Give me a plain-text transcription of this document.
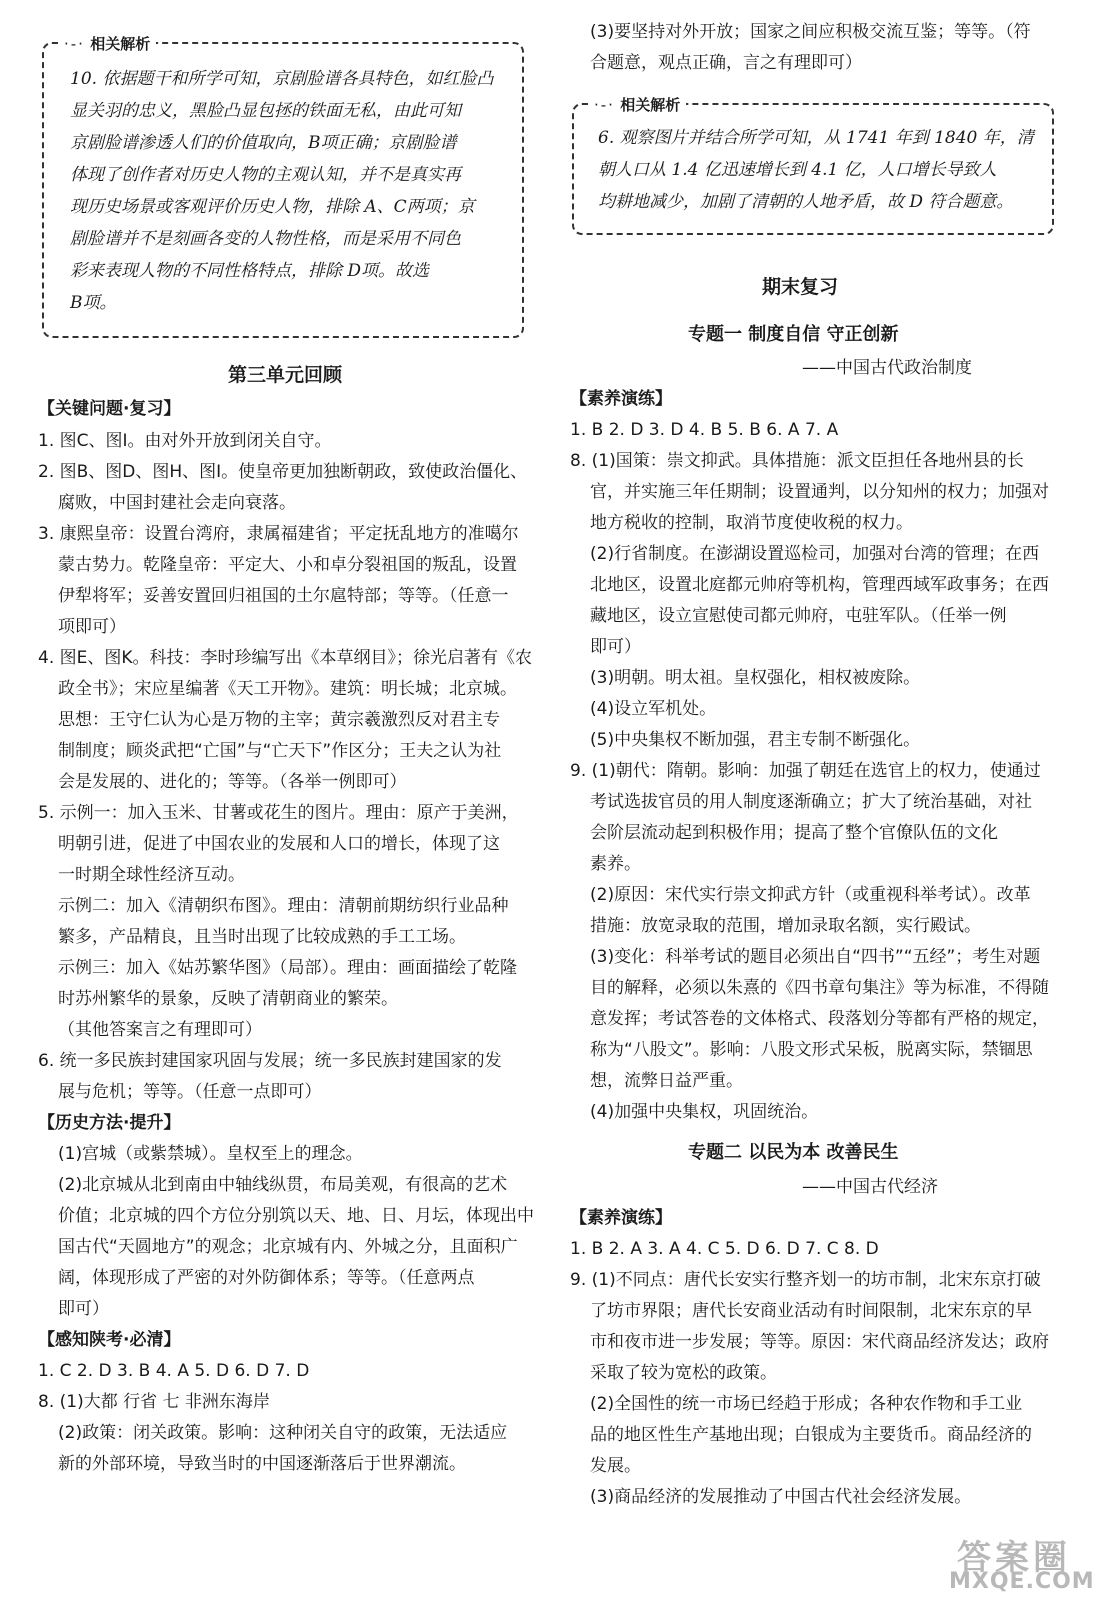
·-· 相关解析
10. 依据题干和所学可知，京剧脸谱各具特色，如红脸凸
显关羽的忠义，黑脸凸显包拯的铁面无私，由此可知
京剧脸谱渗透人们的价值取向，B项正确；京剧脸谱
体现了创作者对历史人物的主观认知，并不是真实再
现历史场景或客观评价历史人物，排除 A、C两项；京
剧脸谱并不是刻画各变的人物性格，而是采用不同色
彩来表现人物的不同性格特点，排除 D项。故选
B项。
第三单元回顾
【关键问题·复习】
1. 图C、图I。由对外开放到闭关自守。
2. 图B、图D、图H、图I。使皇帝更加独断朝政，致使政治僵化、
腐败，中国封建社会走向衰落。
3. 康熙皇帝：设置台湾府，隶属福建省；平定抚乱地方的准噶尔
蒙古势力。乾隆皇帝：平定大、小和卓分裂祖国的叛乱，设置
伊犁将军；妥善安置回归祖国的土尔扈特部；等等。（任意一
项即可）
4. 图E、图K。科技：李时珍编写出《本草纲目》；徐光启著有《农
政全书》；宋应星编著《天工开物》。建筑：明长城；北京城。
思想：王守仁认为心是万物的主宰；黄宗羲激烈反对君主专
制制度；顾炎武把“亡国”与“亡天下”作区分；王夫之认为社
会是发展的、进化的；等等。（各举一例即可）
5. 示例一：加入玉米、甘薯或花生的图片。理由：原产于美洲，
明朝引进，促进了中国农业的发展和人口的增长，体现了这
一时期全球性经济互动。
示例二：加入《清朝织布图》。理由：清朝前期纺织行业品种
繁多，产品精良，且当时出现了比较成熟的手工工场。
示例三：加入《姑苏繁华图》（局部）。理由：画面描绘了乾隆
时苏州繁华的景象，反映了清朝商业的繁荣。
（其他答案言之有理即可）
6. 统一多民族封建国家巩固与发展；统一多民族封建国家的发
展与危机；等等。（任意一点即可）
【历史方法·提升】
(1)宫城（或紫禁城）。皇权至上的理念。
(2)北京城从北到南由中轴线纵贯，布局美观，有很高的艺术
价值；北京城的四个方位分别筑以天、地、日、月坛，体现出中
国古代“天圆地方”的观念；北京城有内、外城之分，且面积广
阔，体现形成了严密的对外防御体系；等等。（任意两点
即可）
【感知陕考·必清】
1. C 2. D 3. B 4. A 5. D 6. D 7. D
8. (1)大都 行省 七 非洲东海岸
(2)政策：闭关政策。影响：这种闭关自守的政策，无法适应
新的外部环境，导致当时的中国逐渐落后于世界潮流。
(3)要坚持对外开放；国家之间应积极交流互鉴；等等。（符
合题意，观点正确，言之有理即可）
·-· 相关解析
6. 观察图片并结合所学可知，从 1741 年到 1840 年，清
朝人口从 1.4 亿迅速增长到 4.1 亿，人口增长导致人
均耕地减少，加剧了清朝的人地矛盾，故 D 符合题意。
期末复习
专题一 制度自信 守正创新
——中国古代政治制度
【素养演练】
1. B 2. D 3. D 4. B 5. B 6. A 7. A
8. (1)国策：崇文抑武。具体措施：派文臣担任各地州县的长
官，并实施三年任期制；设置通判，以分知州的权力；加强对
地方税收的控制，取消节度使收税的权力。
(2)行省制度。在澎湖设置巡检司，加强对台湾的管理；在西
北地区，设置北庭都元帅府等机构，管理西域军政事务；在西
藏地区，设立宣慰使司都元帅府，屯驻军队。（任举一例
即可）
(3)明朝。明太祖。皇权强化，相权被废除。
(4)设立军机处。
(5)中央集权不断加强，君主专制不断强化。
9. (1)朝代：隋朝。影响：加强了朝廷在选官上的权力，使通过
考试选拔官员的用人制度逐渐确立；扩大了统治基础，对社
会阶层流动起到积极作用；提高了整个官僚队伍的文化
素养。
(2)原因：宋代实行崇文抑武方针（或重视科举考试）。改革
措施：放宽录取的范围，增加录取名额，实行殿试。
(3)变化：科举考试的题目必须出自“四书”“五经”；考生对题
目的解释，必须以朱熹的《四书章句集注》等为标准，不得随
意发挥；考试答卷的文体格式、段落划分等都有严格的规定，
称为“八股文”。影响：八股文形式呆板，脱离实际，禁锢思
想，流弊日益严重。
(4)加强中央集权，巩固统治。
专题二 以民为本 改善民生
——中国古代经济
【素养演练】
1. B 2. A 3. A 4. C 5. D 6. D 7. C 8. D
9. (1)不同点：唐代长安实行整齐划一的坊市制，北宋东京打破
了坊市界限；唐代长安商业活动有时间限制，北宋东京的早
市和夜市进一步发展；等等。原因：宋代商品经济发达；政府
采取了较为宽松的政策。
(2)全国性的统一市场已经趋于形成；各种农作物和手工业
品的地区性生产基地出现；白银成为主要货币。商品经济的
发展。
(3)商品经济的发展推动了中国古代社会经济发展。
答案圈
MXQE.COM
